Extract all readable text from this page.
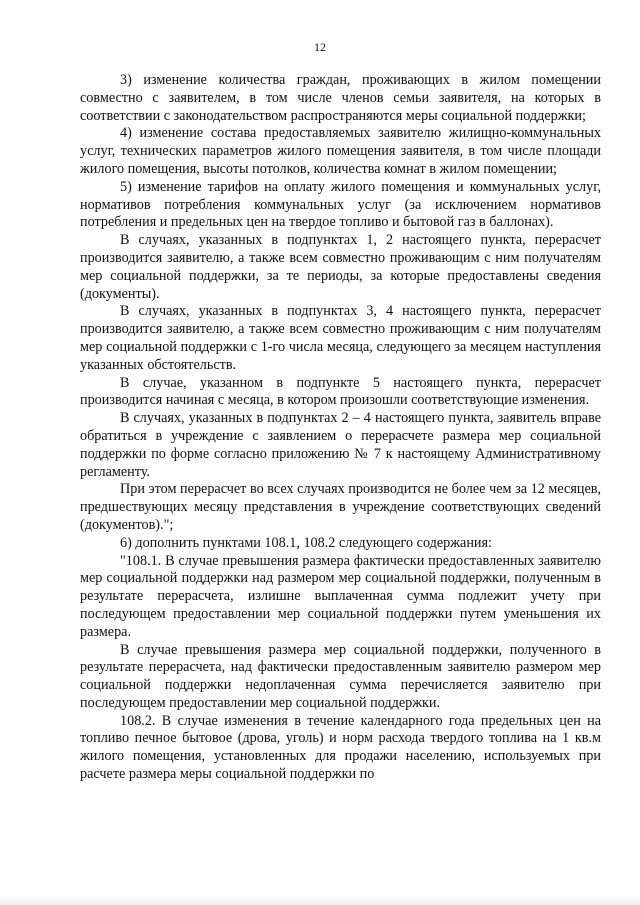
12

3) изменение количества граждан, проживающих в жилом помещении совместно с заявителем, в том числе членов семьи заявителя, на которых в соответствии с законодательством распространяются меры социальной поддержки;

4) изменение состава предоставляемых заявителю жилищно-коммунальных услуг, технических параметров жилого помещения заявителя, в том числе площади жилого помещения, высоты потолков, количества комнат в жилом помещении;

5) изменение тарифов на оплату жилого помещения и коммунальных услуг, нормативов потребления коммунальных услуг (за исключением нормативов потребления и предельных цен на твердое топливо и бытовой газ в баллонах).

В случаях, указанных в подпунктах 1, 2 настоящего пункта, перерасчет производится заявителю, а также всем совместно проживающим с ним получателям мер социальной поддержки, за те периоды, за которые предоставлены сведения (документы).

В случаях, указанных в подпунктах 3, 4 настоящего пункта, перерасчет производится заявителю, а также всем совместно проживающим с ним получателям мер социальной поддержки с 1-го числа месяца, следующего за месяцем наступления указанных обстоятельств.

В случае, указанном в подпункте 5 настоящего пункта, перерасчет производится начиная с месяца, в котором произошли соответствующие изменения.

В случаях, указанных в подпунктах 2 – 4 настоящего пункта, заявитель вправе обратиться в учреждение с заявлением о перерасчете размера мер социальной поддержки по форме согласно приложению № 7 к настоящему Административному регламенту.

При этом перерасчет во всех случаях производится не более чем за 12 месяцев, предшествующих месяцу представления в учреждение соответствующих сведений (документов).";

6) дополнить пунктами 108.1, 108.2 следующего содержания:

"108.1. В случае превышения размера фактически предоставленных заявителю мер социальной поддержки над размером мер социальной поддержки, полученным в результате перерасчета, излишне выплаченная сумма подлежит учету при последующем предоставлении мер социальной поддержки путем уменьшения их размера.

В случае превышения размера мер социальной поддержки, полученного в результате перерасчета, над фактически предоставленным заявителю размером мер социальной поддержки недоплаченная сумма перечисляется заявителю при последующем предоставлении мер социальной поддержки.

108.2. В случае изменения в течение календарного года предельных цен на топливо печное бытовое (дрова, уголь) и норм расхода твердого топлива на 1 кв.м жилого помещения, установленных для продажи населению, используемых при расчете размера меры социальной поддержки по
